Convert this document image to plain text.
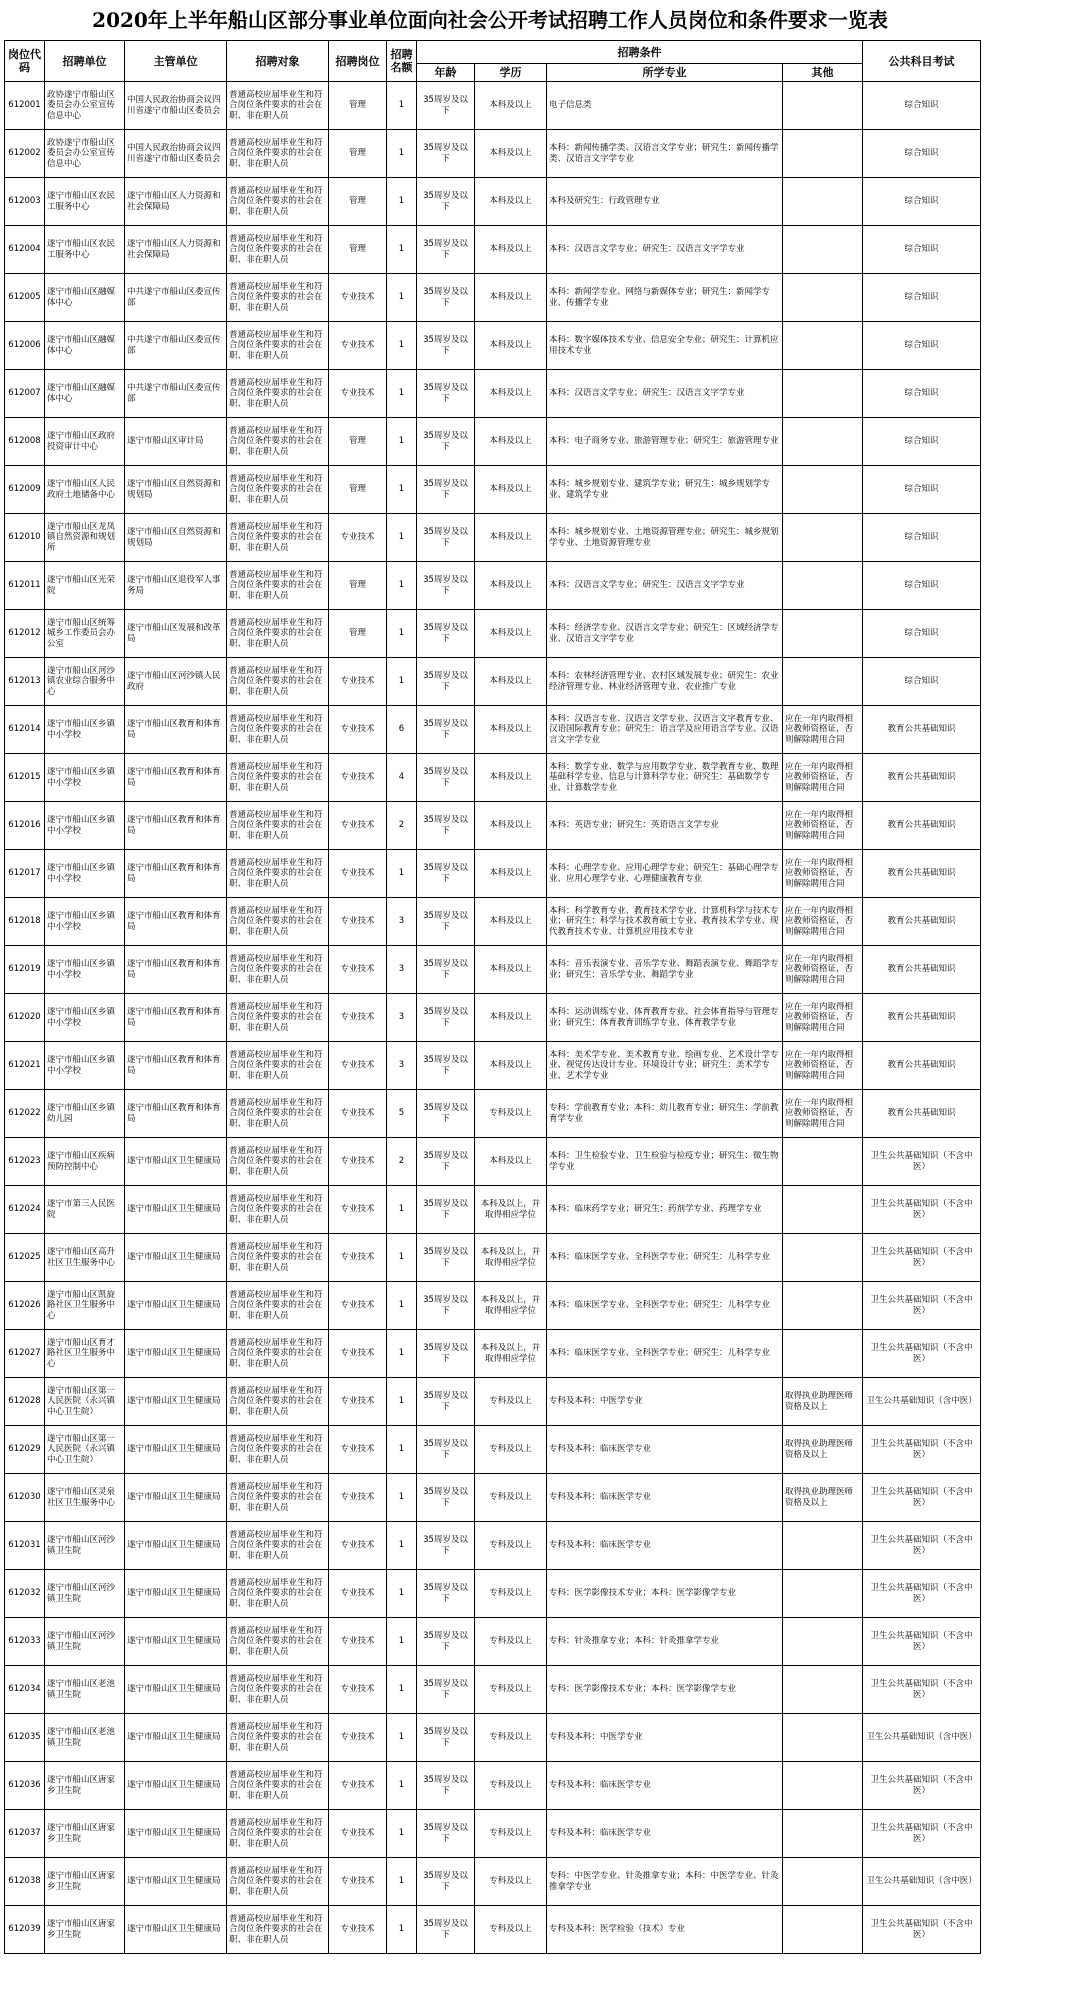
2020年上半年船山区部分事业单位面向社会公开考试招聘工作人员岗位和条件要求一览表
岗位代码	招聘单位	主管单位	招聘对象	招聘岗位	招聘名额	招聘条件				公共科目考试
						年龄	学历	所学专业	其他	

612001	政协遂宁市船山区委员会办公室宣传信息中心	中国人民政治协商会议四川省遂宁市船山区委员会	普通高校应届毕业生和符合岗位条件要求的社会在职、非在职人员	管理	1	35周岁及以下	本科及以上	电子信息类		综合知识

612002	政协遂宁市船山区委员会办公室宣传信息中心	中国人民政治协商会议四川省遂宁市船山区委员会	普通高校应届毕业生和符合岗位条件要求的社会在职、非在职人员	管理	1	35周岁及以下	本科及以上	本科：新闻传播学类、汉语言文学专业；研究生：新闻传播学类、汉语言文字学专业		综合知识

612003	遂宁市船山区农民工服务中心	遂宁市船山区人力资源和社会保障局	普通高校应届毕业生和符合岗位条件要求的社会在职、非在职人员	管理	1	35周岁及以下	本科及以上	本科及研究生：行政管理专业		综合知识

612004	遂宁市船山区农民工服务中心	遂宁市船山区人力资源和社会保障局	普通高校应届毕业生和符合岗位条件要求的社会在职、非在职人员	管理	1	35周岁及以下	本科及以上	本科：汉语言文学专业；研究生：汉语言文字学专业		综合知识

612005	遂宁市船山区融媒体中心	中共遂宁市船山区委宣传部	普通高校应届毕业生和符合岗位条件要求的社会在职、非在职人员	专业技术	1	35周岁及以下	本科及以上	本科：新闻学专业、网络与新媒体专业；研究生：新闻学专业、传播学专业		综合知识

612006	遂宁市船山区融媒体中心	中共遂宁市船山区委宣传部	普通高校应届毕业生和符合岗位条件要求的社会在职、非在职人员	专业技术	1	35周岁及以下	本科及以上	本科：数字媒体技术专业、信息安全专业；研究生：计算机应用技术专业		综合知识

612007	遂宁市船山区融媒体中心	中共遂宁市船山区委宣传部	普通高校应届毕业生和符合岗位条件要求的社会在职、非在职人员	专业技术	1	35周岁及以下	本科及以上	本科：汉语言文学专业；研究生：汉语言文字学专业		综合知识

612008	遂宁市船山区政府投资审计中心	遂宁市船山区审计局	普通高校应届毕业生和符合岗位条件要求的社会在职、非在职人员	管理	1	35周岁及以下	本科及以上	本科：电子商务专业、旅游管理专业；研究生：旅游管理专业		综合知识

612009	遂宁市船山区人民政府土地储备中心	遂宁市船山区自然资源和规划局	普通高校应届毕业生和符合岗位条件要求的社会在职、非在职人员	管理	1	35周岁及以下	本科及以上	本科：城乡规划专业、建筑学专业；研究生：城乡规划学专业、建筑学专业		综合知识

612010	遂宁市船山区龙凤镇自然资源和规划所	遂宁市船山区自然资源和规划局	普通高校应届毕业生和符合岗位条件要求的社会在职、非在职人员	专业技术	1	35周岁及以下	本科及以上	本科：城乡规划专业、土地资源管理专业；研究生：城乡规划学专业、土地资源管理专业		综合知识

612011	遂宁市船山区光荣院	遂宁市船山区退役军人事务局	普通高校应届毕业生和符合岗位条件要求的社会在职、非在职人员	管理	1	35周岁及以下	本科及以上	本科：汉语言文学专业；研究生：汉语言文字学专业		综合知识

612012	遂宁市船山区统筹城乡工作委员会办公室	遂宁市船山区发展和改革局	普通高校应届毕业生和符合岗位条件要求的社会在职、非在职人员	管理	1	35周岁及以下	本科及以上	本科：经济学专业、汉语言文学专业；研究生：区域经济学专业、汉语言文字学专业		综合知识

612013	遂宁市船山区河沙镇农业综合服务中心	遂宁市船山区河沙镇人民政府	普通高校应届毕业生和符合岗位条件要求的社会在职、非在职人员	专业技术	1	35周岁及以下	本科及以上	本科：农林经济管理专业、农村区域发展专业；研究生：农业经济管理专业、林业经济管理专业、农业推广专业		综合知识

612014	遂宁市船山区乡镇中小学校	遂宁市船山区教育和体育局	普通高校应届毕业生和符合岗位条件要求的社会在职、非在职人员	专业技术	6	35周岁及以下	本科及以上	本科：汉语言专业、汉语言文学专业、汉语言文字教育专业、汉语国际教育专业；研究生：语言学及应用语言学专业、汉语言文字学专业	应在一年内取得相应教师资格证，否则解除聘用合同	教育公共基础知识

612015	遂宁市船山区乡镇中小学校	遂宁市船山区教育和体育局	普通高校应届毕业生和符合岗位条件要求的社会在职、非在职人员	专业技术	4	35周岁及以下	本科及以上	本科：数学专业、数学与应用数学专业、数学教育专业、数理基础科学专业、信息与计算科学专业；研究生：基础数学专业、计算数学专业	应在一年内取得相应教师资格证，否则解除聘用合同	教育公共基础知识

612016	遂宁市船山区乡镇中小学校	遂宁市船山区教育和体育局	普通高校应届毕业生和符合岗位条件要求的社会在职、非在职人员	专业技术	2	35周岁及以下	本科及以上	本科：英语专业；研究生：英语语言文学专业	应在一年内取得相应教师资格证，否则解除聘用合同	教育公共基础知识

612017	遂宁市船山区乡镇中小学校	遂宁市船山区教育和体育局	普通高校应届毕业生和符合岗位条件要求的社会在职、非在职人员	专业技术	1	35周岁及以下	本科及以上	本科：心理学专业、应用心理学专业；研究生：基础心理学专业、应用心理学专业、心理健康教育专业	应在一年内取得相应教师资格证，否则解除聘用合同	教育公共基础知识

612018	遂宁市船山区乡镇中小学校	遂宁市船山区教育和体育局	普通高校应届毕业生和符合岗位条件要求的社会在职、非在职人员	专业技术	3	35周岁及以下	本科及以上	本科：科学教育专业、教育技术学专业、计算机科学与技术专业；研究生：科学与技术教育硕士专业、教育技术学专业、现代教育技术专业、计算机应用技术专业	应在一年内取得相应教师资格证，否则解除聘用合同	教育公共基础知识

612019	遂宁市船山区乡镇中小学校	遂宁市船山区教育和体育局	普通高校应届毕业生和符合岗位条件要求的社会在职、非在职人员	专业技术	3	35周岁及以下	本科及以上	本科：音乐表演专业、音乐学专业、舞蹈表演专业、舞蹈学专业；研究生：音乐学专业、舞蹈学专业	应在一年内取得相应教师资格证，否则解除聘用合同	教育公共基础知识

612020	遂宁市船山区乡镇中小学校	遂宁市船山区教育和体育局	普通高校应届毕业生和符合岗位条件要求的社会在职、非在职人员	专业技术	3	35周岁及以下	本科及以上	本科：运动训练专业、体育教育专业、社会体育指导与管理专业；研究生：体育教育训练学专业、体育教学专业	应在一年内取得相应教师资格证，否则解除聘用合同	教育公共基础知识

612021	遂宁市船山区乡镇中小学校	遂宁市船山区教育和体育局	普通高校应届毕业生和符合岗位条件要求的社会在职、非在职人员	专业技术	3	35周岁及以下	本科及以上	本科：美术学专业、美术教育专业、绘画专业、艺术设计学专业、视觉传达设计专业、环境设计专业；研究生：美术学专业、艺术学专业	应在一年内取得相应教师资格证，否则解除聘用合同	教育公共基础知识

612022	遂宁市船山区乡镇幼儿园	遂宁市船山区教育和体育局	普通高校应届毕业生和符合岗位条件要求的社会在职、非在职人员	专业技术	5	35周岁及以下	专科及以上	专科：学前教育专业；本科：幼儿教育专业；研究生：学前教育学专业	应在一年内取得相应教师资格证，否则解除聘用合同	教育公共基础知识

612023	遂宁市船山区疾病预防控制中心	遂宁市船山区卫生健康局	普通高校应届毕业生和符合岗位条件要求的社会在职、非在职人员	专业技术	2	35周岁及以下	本科及以上	本科：卫生检验专业、卫生检验与检疫专业；研究生：微生物学专业		卫生公共基础知识（不含中医）

612024	遂宁市第三人民医院	遂宁市船山区卫生健康局	普通高校应届毕业生和符合岗位条件要求的社会在职、非在职人员	专业技术	1	35周岁及以下	本科及以上，并取得相应学位	本科：临床药学专业；研究生：药剂学专业、药理学专业		卫生公共基础知识（不含中医）

612025	遂宁市船山区高升社区卫生服务中心	遂宁市船山区卫生健康局	普通高校应届毕业生和符合岗位条件要求的社会在职、非在职人员	专业技术	1	35周岁及以下	本科及以上，并取得相应学位	本科：临床医学专业、全科医学专业；研究生：儿科学专业		卫生公共基础知识（不含中医）

612026	遂宁市船山区凯旋路社区卫生服务中心	遂宁市船山区卫生健康局	普通高校应届毕业生和符合岗位条件要求的社会在职、非在职人员	专业技术	1	35周岁及以下	本科及以上，并取得相应学位	本科：临床医学专业、全科医学专业；研究生：儿科学专业		卫生公共基础知识（不含中医）

612027	遂宁市船山区育才路社区卫生服务中心	遂宁市船山区卫生健康局	普通高校应届毕业生和符合岗位条件要求的社会在职、非在职人员	专业技术	1	35周岁及以下	本科及以上，并取得相应学位	本科：临床医学专业、全科医学专业；研究生：儿科学专业		卫生公共基础知识（不含中医）

612028	遂宁市船山区第一人民医院（永兴镇中心卫生院）	遂宁市船山区卫生健康局	普通高校应届毕业生和符合岗位条件要求的社会在职、非在职人员	专业技术	1	35周岁及以下	专科及以上	专科及本科：中医学专业	取得执业助理医师资格及以上	卫生公共基础知识（含中医）

612029	遂宁市船山区第一人民医院（永兴镇中心卫生院）	遂宁市船山区卫生健康局	普通高校应届毕业生和符合岗位条件要求的社会在职、非在职人员	专业技术	1	35周岁及以下	专科及以上	专科及本科：临床医学专业	取得执业助理医师资格及以上	卫生公共基础知识（不含中医）

612030	遂宁市船山区灵泉社区卫生服务中心	遂宁市船山区卫生健康局	普通高校应届毕业生和符合岗位条件要求的社会在职、非在职人员	专业技术	1	35周岁及以下	专科及以上	专科及本科：临床医学专业	取得执业助理医师资格及以上	卫生公共基础知识（不含中医）

612031	遂宁市船山区河沙镇卫生院	遂宁市船山区卫生健康局	普通高校应届毕业生和符合岗位条件要求的社会在职、非在职人员	专业技术	1	35周岁及以下	专科及以上	专科及本科：临床医学专业		卫生公共基础知识（不含中医）

612032	遂宁市船山区河沙镇卫生院	遂宁市船山区卫生健康局	普通高校应届毕业生和符合岗位条件要求的社会在职、非在职人员	专业技术	1	35周岁及以下	专科及以上	专科：医学影像技术专业；本科：医学影像学专业		卫生公共基础知识（不含中医）

612033	遂宁市船山区河沙镇卫生院	遂宁市船山区卫生健康局	普通高校应届毕业生和符合岗位条件要求的社会在职、非在职人员	专业技术	1	35周岁及以下	专科及以上	专科：针灸推拿专业；本科：针灸推拿学专业		卫生公共基础知识（不含中医）

612034	遂宁市船山区老池镇卫生院	遂宁市船山区卫生健康局	普通高校应届毕业生和符合岗位条件要求的社会在职、非在职人员	专业技术	1	35周岁及以下	专科及以上	专科：医学影像技术专业；本科：医学影像学专业		卫生公共基础知识（不含中医）

612035	遂宁市船山区老池镇卫生院	遂宁市船山区卫生健康局	普通高校应届毕业生和符合岗位条件要求的社会在职、非在职人员	专业技术	1	35周岁及以下	专科及以上	专科及本科：中医学专业		卫生公共基础知识（含中医）

612036	遂宁市船山区唐家乡卫生院	遂宁市船山区卫生健康局	普通高校应届毕业生和符合岗位条件要求的社会在职、非在职人员	专业技术	1	35周岁及以下	专科及以上	专科及本科：临床医学专业		卫生公共基础知识（不含中医）

612037	遂宁市船山区唐家乡卫生院	遂宁市船山区卫生健康局	普通高校应届毕业生和符合岗位条件要求的社会在职、非在职人员	专业技术	1	35周岁及以下	专科及以上	专科及本科：临床医学专业		卫生公共基础知识（不含中医）

612038	遂宁市船山区唐家乡卫生院	遂宁市船山区卫生健康局	普通高校应届毕业生和符合岗位条件要求的社会在职、非在职人员	专业技术	1	35周岁及以下	专科及以上	专科：中医学专业、针灸推拿专业；本科：中医学专业、针灸推拿学专业		卫生公共基础知识（含中医）

612039	遂宁市船山区唐家乡卫生院	遂宁市船山区卫生健康局	普通高校应届毕业生和符合岗位条件要求的社会在职、非在职人员	专业技术	1	35周岁及以下	专科及以上	专科及本科：医学检验（技术）专业		卫生公共基础知识（不含中医）
